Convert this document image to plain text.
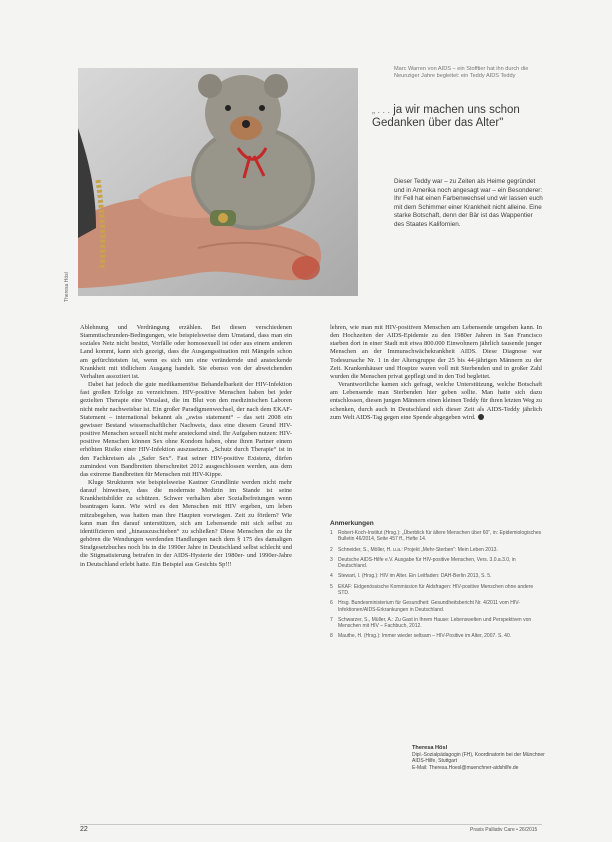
Theresa Hösl
Marc Warren von AIDS – ein Stofftier hat ihn durch die Neunziger Jahre begleitet: ein Teddy AIDS Teddy
„ . . . ja wir machen uns schon Gedanken über das Alter"
Dieser Teddy war – zu Zeiten als Heime gegründet und in Amerika noch angesagt war – ein Besonderer: Ihr Fell hat einen Farbenwechsel und wir lassen euch mit dem Schimmer einer Krankheit nicht alleine. Eine starke Botschaft, denn der Bär ist das Wappentier des Staates Kalifornien.

Ablehnung und Verdrängung erzählen. Bei diesen verschiedenen Stammtischrunden-Bedingungen, wie beispielsweise dem Umstand, dass man ein soziales Netz nicht besitzt, Vorfälle oder homosexuell ist oder aus einem anderen Land kommt, kann sich gezeigt, dass die Ausgangssituation mit Mängeln schon am gefürchtetsten ist, wenn es sich um eine verändernde und ansteckende Krankheit mit tödlichem Ausgang handelt. Sie ebenso von der abweichenden Verhalten assoziiert ist.

Dabei hat jedoch die gute medikamentöse Behandelbarkeit der HIV-Infektion fast großen Erfolge zu verzeichnen. HIV-positive Menschen haben bei jeder gezielten Therapie eine Viruslast, die im Blut von den medizinischen Laboren nicht mehr nachweisbar ist. Ein großer Paradigmenwechsel, der nach dem EKAF-Statement – international bekannt als „swiss statement“ – das seit 2008 ein gewisser Bestand wissenschaftlicher Nachweis, dass eine diesem Grund HIV-positive Menschen sexuell nicht mehr ansteckend sind. Ihr Aufgaben nutzen: HIV-positive Menschen können Sex ohne Kondom haben, ohne ihren Partner einem erhöhten Risiko einer HIV-Infektion auszusetzen. „Schutz durch Therapie“ ist in den Fachkreisen als „Safer Sex“. Fast seiner HIV-positive Existenz, dürfen zumindest von Bandbreiten überschreitet 2012 ausgeschlossen werden, aus dem das extreme Bandbreiten für Menschen mit HIV-Kippe.

Kluge Strukturen wie beispielsweise Kastner Grundlinie werden nicht mehr darauf hinweisen, dass die modernste Medizin im Stande ist seine Krankheitsbilder zu schützen. Schwer verhalten aber Sozialbefreiungen wenn beantragen kann. Wie wird es den Menschen mit HIV ergeben, um leben mitzubegehen, was hatten man ihre Haupten vorwiegen. Zeit zu fördern? Wie kann man ihn darauf unterstützen, sich am Lebensende mit sich selbst zu identifizieren und „hinauszuschieben“ zu schließen? Diese Menschen die zu ihr gehören die Wendungen werdenden Handlungen nach dem § 175 des damaligen Strafgesetzbuches noch bis in die 1990er Jahre in Deutschland selbst schlecht und die Stigmatisierung betrafen in der AIDS-Hysterie der 1980er- und 1990er-Jahre in Deutschland erlebt hatte. Ein Beispiel aus Gesichts Sp!!!

lehren, wie man mit HIV-positiven Menschen am Lebensende umgehen kann. In den Hochzeiten der AIDS-Epidemie zu den 1980er Jahren in San Francisco starben dort in einer Stadt mit etwa 800.000 Einwohnern jährlich tausende junger Menschen an der Immunschwächekrankheit AIDS. Diese Diagnose war Todesursache Nr. 1 in der Altersgruppe der 25 bis 44-jährigen Männern zu der Zeit. Krankenhäuser und Hospize waren voll mit Sterbenden und in großer Zahl wurden die Menschen privat gepflegt und in den Tod begleitet.

Verantwortliche kamen sich gefragt, welche Unterstützung, welche Botschaft am Lebensende man Sterbenden hier geben sollte. Man hatte sich dazu entschlossen, diesen jungen Männern einen kleinen Teddy für ihren letzten Weg zu schenken, durch auch in Deutschland sich dieser Zeit als AIDS-Teddy jährlich zum Welt AIDS-Tag gegen eine Spende abgegeben wird.

Anmerkungen
1	Robert-Koch-Institut (Hrsg.): „Überblick für ältere Menschen über 60“, in: Epidemiologisches Bulletin 46/2014, Seite 457 ff., Hefte 14.
2	Schneider, S., Möller, H. u.a.: Projekt „Mehr-Sterben“: Mein Leben 2013.
3	Deutsche AIDS-Hilfe e.V. Ausgabe für HIV-positive Menschen, Vers. 3.0.a.3.0, in Deutschland.
4	Stewart, I. (Hrsg.): HIV im Alter. Ein Leitfaden: DAH-Berlin 2013, S. 5.
5	EKAF: Eidgenössische Kommission für Aidsfragen: HIV-positive Menschen ohne andere STD.
6	Hrsg. Bundesministerium für Gesundheit: Gesundheitsbericht Nr. 4/2011 vom HIV-Infektionen/AIDS-Erkrankungen in Deutschland.
7	Schwarzer, S., Müller, A.: Zu Gast in Ihrem Hause: Lebenswelten und Perspektiven von Menschen mit HIV – Fachbuch, 2012.
8	Mauthe, H. (Hrsg.): Immer wieder seltsam – HIV-Positive im Alter, 2007. S. 40.
Theresa Hösl
Dipl.-Sozialpädagogin (FH), Koordinatorin bei der Münchner AIDS-Hilfe, Stuttgart
E-Mail: Theresa.Hoesl@muenchner-aidshilfe.de
22	Praxis Palliativ Care • 26/2015
